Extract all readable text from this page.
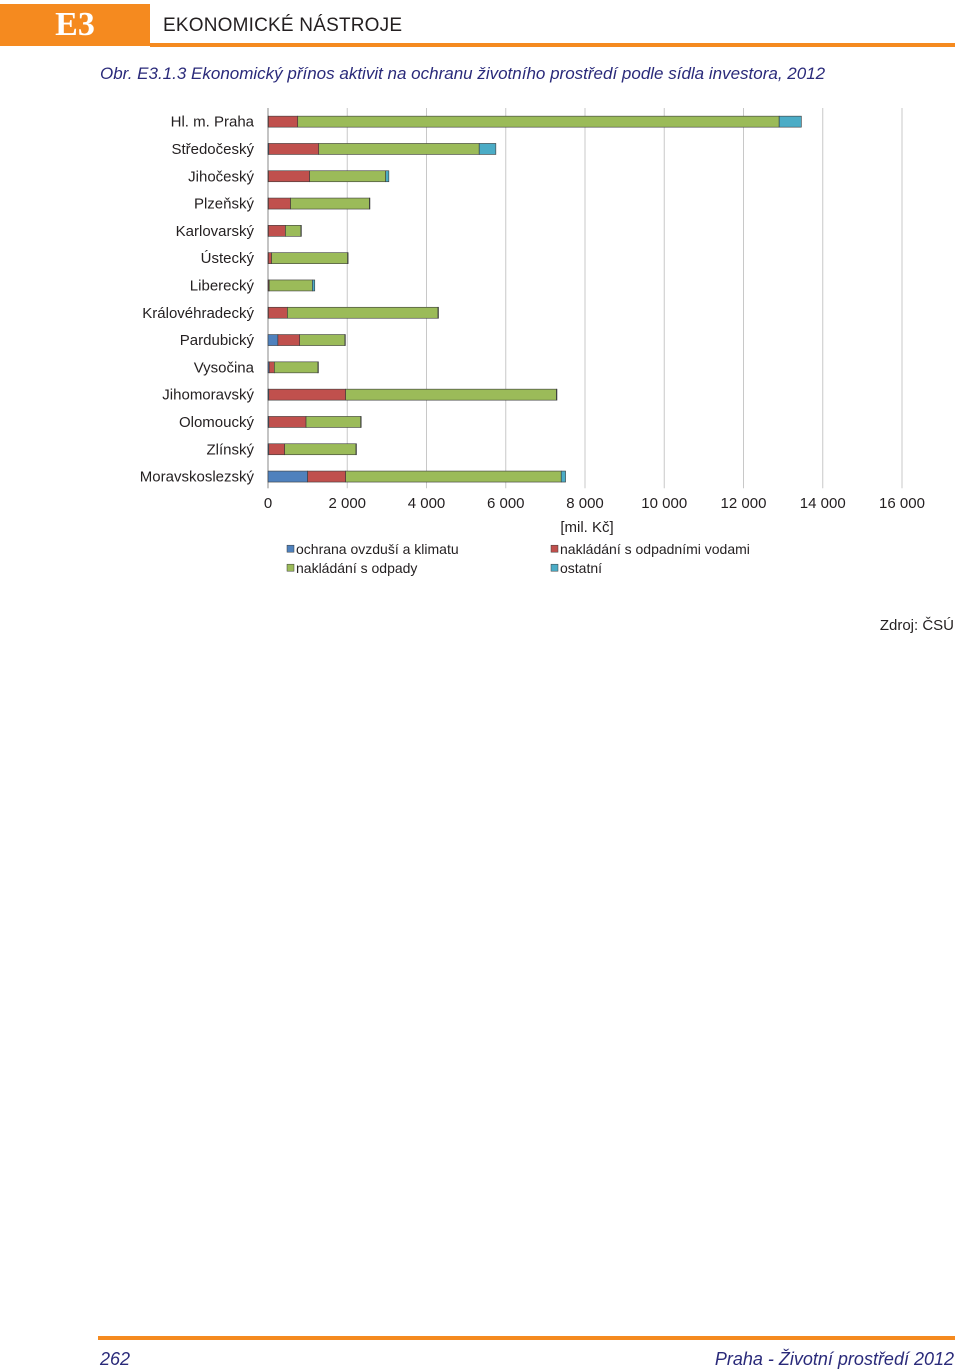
E3	EKONOMICKÉ NÁSTROJE
Obr. E3.1.3 Ekonomický přínos aktivit na ochranu životního prostředí podle sídla investora, 2012
Hl. m. Praha
Středočeský
Jihočeský
Plzeňský
Karlovarský
Ústecký
Liberecký
Královéhradecký
Pardubický
Vysočina
Jihomoravský
Olomoucký
Zlínský
Moravskoslezský
0	2 000	4 000	6 000	8 000	10 000 12 000 14 000 16 000
[mil. Kč]
ochrana ovzduší a klimatu	nakládání s odpadními vodami
nakládání s odpady	ostatní
Zdroj: ČSÚ
262	Praha - Životní prostředí 2012
